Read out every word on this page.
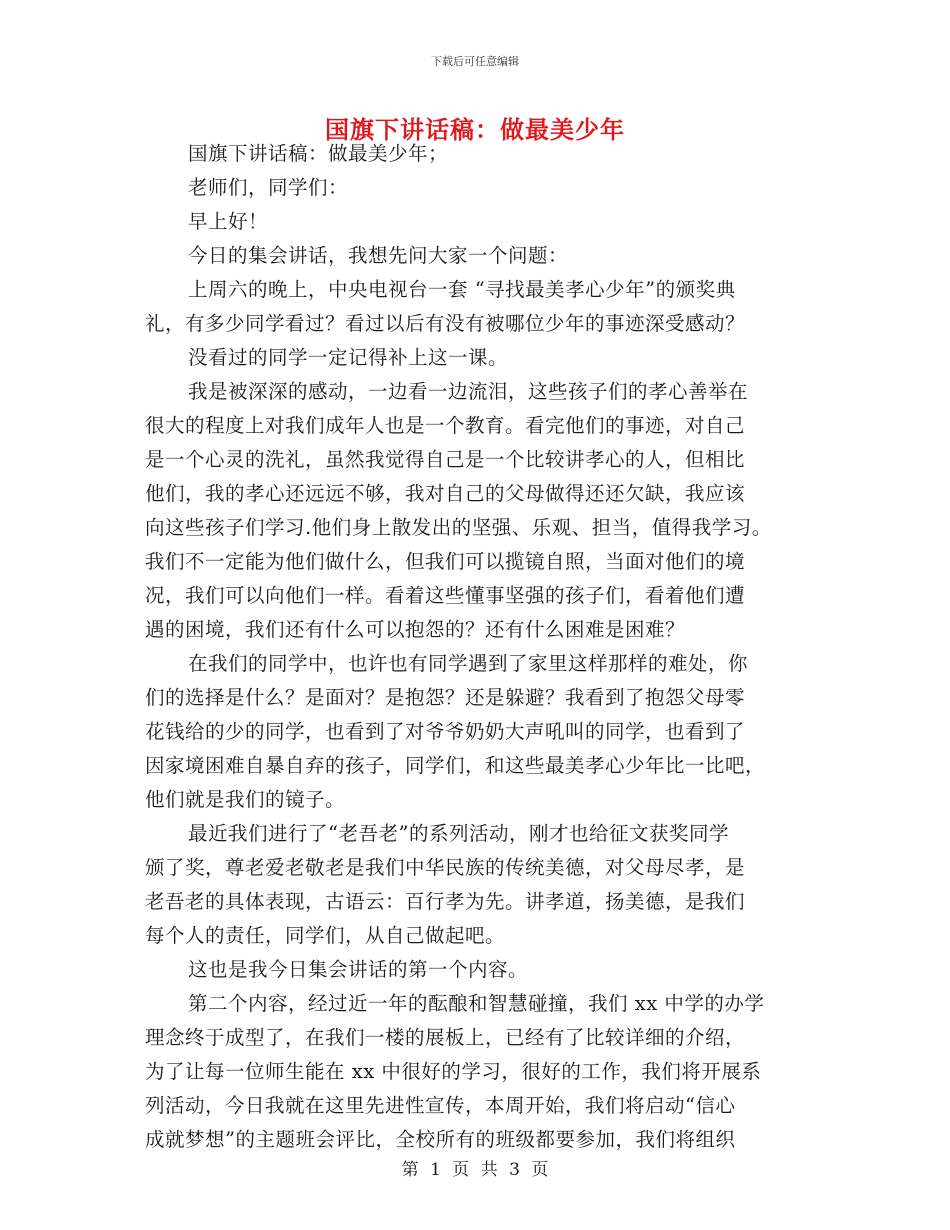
下载后可任意编辑
国旗下讲话稿：做最美少年
国旗下讲话稿：做最美少年；
老师们，同学们：
早上好！
今日的集会讲话，我想先问大家一个问题：
上周六的晚上，中央电视台一套 “寻找最美孝心少年”的颁奖典
礼，有多少同学看过？看过以后有没有被哪位少年的事迹深受感动？
没看过的同学一定记得补上这一课。
我是被深深的感动，一边看一边流泪，这些孩子们的孝心善举在
很大的程度上对我们成年人也是一个教育。看完他们的事迹，对自己
是一个心灵的洗礼，虽然我觉得自己是一个比较讲孝心的人，但相比
他们，我的孝心还远远不够，我对自己的父母做得还还欠缺，我应该
向这些孩子们学习.他们身上散发出的坚强、乐观、担当，值得我学习。
我们不一定能为他们做什么，但我们可以揽镜自照，当面对他们的境
况，我们可以向他们一样。看着这些懂事坚强的孩子们，看着他们遭
遇的困境，我们还有什么可以抱怨的？还有什么困难是困难？
在我们的同学中，也许也有同学遇到了家里这样那样的难处，你
们的选择是什么？是面对？是抱怨？还是躲避？我看到了抱怨父母零
花钱给的少的同学，也看到了对爷爷奶奶大声吼叫的同学，也看到了
因家境困难自暴自弃的孩子，同学们，和这些最美孝心少年比一比吧，
他们就是我们的镜子。
最近我们进行了“老吾老”的系列活动，刚才也给征文获奖同学
颁了奖，尊老爱老敬老是我们中华民族的传统美德，对父母尽孝，是
老吾老的具体表现，古语云：百行孝为先。讲孝道，扬美德，是我们
每个人的责任，同学们，从自己做起吧。
这也是我今日集会讲话的第一个内容。
第二个内容，经过近一年的酝酿和智慧碰撞，我们 xx 中学的办学
理念终于成型了，在我们一楼的展板上，已经有了比较详细的介绍，
为了让每一位师生能在 xx 中很好的学习，很好的工作，我们将开展系
列活动，今日我就在这里先进性宣传，本周开始，我们将启动“信心
成就梦想”的主题班会评比，全校所有的班级都要参加，我们将组织
第 1 页 共 3 页
